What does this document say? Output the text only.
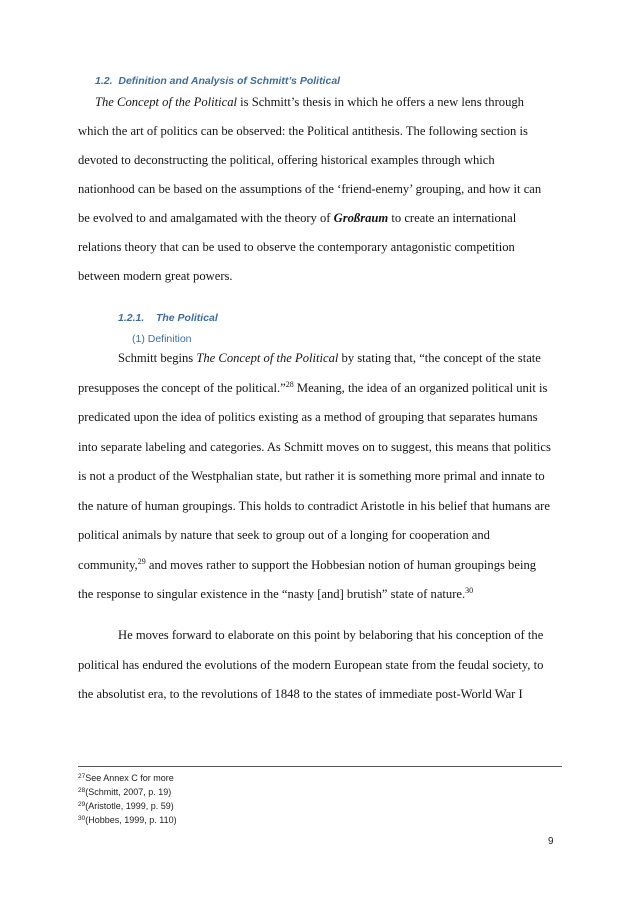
1.2. Definition and Analysis of Schmitt’s Political
The Concept of the Political is Schmitt’s thesis in which he offers a new lens through
which the art of politics can be observed: the Political antithesis. The following section is
devoted to deconstructing the political, offering historical examples through which
nationhood can be based on the assumptions of the ‘friend-enemy’ grouping, and how it can
be evolved to and amalgamated with the theory of Großraum to create an international
relations theory that can be used to observe the contemporary antagonistic competition
between modern great powers.
1.2.1. The Political
(1) Definition
Schmitt begins The Concept of the Political by stating that, “the concept of the state
presupposes the concept of the political.”$^{28}$ Meaning, the idea of an organized political unit is
predicated upon the idea of politics existing as a method of grouping that separates humans
into separate labeling and categories. As Schmitt moves on to suggest, this means that politics
is not a product of the Westphalian state, but rather it is something more primal and innate to
the nature of human groupings. This holds to contradict Aristotle in his belief that humans are
political animals by nature that seek to group out of a longing for cooperation and
community,$^{29}$ and moves rather to support the Hobbesian notion of human groupings being
the response to singular existence in the “nasty [and] brutish” state of nature.$^{30}$
He moves forward to elaborate on this point by belaboring that his conception of the
political has endured the evolutions of the modern European state from the feudal society, to
the absolutist era, to the revolutions of 1848 to the states of immediate post-World War I
$^{27}$See Annex C for more
$^{28}$(Schmitt, 2007, p. 19)
$^{29}$(Aristotle, 1999, p. 59)
$^{30}$(Hobbes, 1999, p. 110)
9
